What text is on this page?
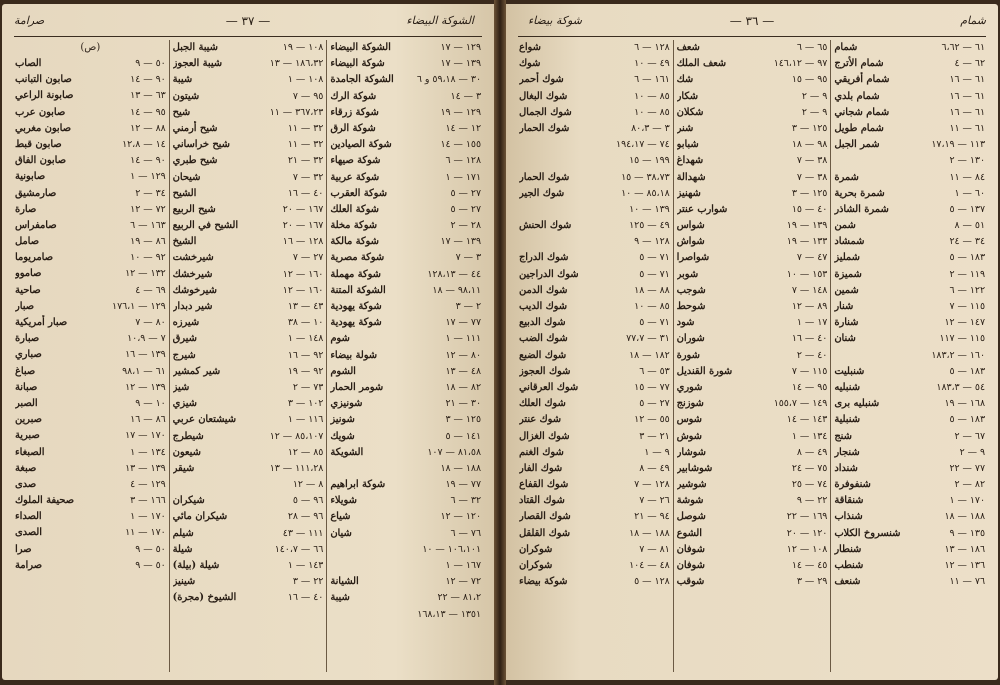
صرامة	— ٣٧ —	الشوكة البيضاء
الشوكة البيضاء	١٢٩ — ١٧
شوكة البيضاء	١٣٩ — ١٧
الشوكة الجامدة ٣٠ — ٥٩،١٨ و ٦
شوكة الرك	٣ — ١٤
شوكة زرقاء	١٢٩ — ١٩
شوكة الرق	١٢ — ١٤
شوكة الصيادين	١٥٥ — ١٤
شوكة صيهاء	١٢٨ — ٦
شوكة عربية	١٧١ — ١
شوكة العقرب	٢٧ — ٥
شوكة العلك	٢٧ — ٥
شوكة مخلة	٢٨ — ٢
شوكة مالكة	١٣٩ — ١٧
شوكة مصرية	٣ — ٧
شوكة مهملة	٤٤ — ١٢٨،١٣
الشوكة المتنة	٩٨،١١ — ١٨
شوكة يهودية	٢ — ٣
شوكة يهودية	٧٧ — ١٧
شوم	١١١ — ١
شولة بيضاء	٨٠ — ١٢
الشوم	٤٨ — ١٣
شومر الحمار	٨٢ — ١٨
شونيزي	٣٠ — ٢١
شونيز	١٢٥ — ٣
شويك	١٤١ — ٥
الشويكة	٨١،٥٨ — ١٠٧
١٨٨ — ١٨
شوكة ابراهيم	٧٧ — ١٩
شويلاء	٣٢ — ٦
شياع	١٢٠ — ١٢
شيان	٧٦ — ٦
١٠٦،١٠١ — ١٠
١٦٧ — ١
الشيانة	٧٢ — ١٢
شيبة	٨١،٢ — ٢٢
١٣٥١ — ١٦٨،١٣
شيبة الجبل	١٠٨ — ١٩
شيبة العجوز	١٨٦،٣٢ — ١٣
شيبة	١٠٨ — ١
شيتون	٩٥ — ٧
شيح	٣٦٧،٢٣ — ١١
شيح أرمني	٣٢ — ١١
شيح خراساني	٣٢ — ١١
شيح طبري	٣٢ — ٢١
شيحان	٣٢ — ٧
الشيح	٤٠ — ١٦
شيح الربيع	١٦٧ — ٢٠
الشيح في الربيع	١٦٧ — ٢٠
الشيخ	١٢٨ — ١٦
شيرخشت	٢٧ — ٧
شيرخشك	١٦٠ — ١٢
شيرخوشك	١٦٠ — ١٢
شير دبدار	٤٣ — ١٣
شيرزه	١٠ — ٣٨
شيرق	١٤٨ — ١
شيرج	٩٢ — ١٦
شير كمشير	٩٢ — ١٩
شيز	٧٣ — ٢
شيزي	١٠٢ — ٣
شيشتعان عربي	١١٦ — ١
شيطرج	٨٥،١٠٧ — ١٢
شيعون	٨٥ — ١٢
شيقر	١١١،٢٨ — ١٣
٨ — ١٢
شيكران	٩٦ — ٥
شيكران مائي	٩٦ — ٢٨
شيلم	١١١ — ٤٣
شيلة	٦٦ — ١٤٠،٧
شيلة (بيلة)	١٤٣ — ١
شينيز	٢٢ — ٣
الشيوخ (مجرة)	٤٠ — ١٦
(ص)
الصاب	٥٠ — ٩
صابون التبانب	٩٠ — ١٤
صابونة الراعي	٦٣ — ١٣
صابون عرب	٩٥ — ١٤
صابون مغربي	٨٨ — ١٢
صابون قبط	١٤ — ١٢،٨
صابون الفاق	٩٠ — ١٤
صابونية	١٢٩ — ١
صارمشيق	٣٤ — ٢
صارة	٧٢ — ١٢
صامفراس	١٦٣ — ٦
صامل	٨٦ — ١٩
صامريوما	٩٢ — ١٠
صاموو	١٣٢ — ١٢
صاحية	٦٩ — ٤
صبار	١٢٩ — ١٧٦،١
صبار أمريكية	٨٠ — ٧
صبارة	٧ — ١٠،٩
صباري	١٣٩ — ١٦
صباغ	٦١ — ٩٨،١
صبانة	١٣٩ — ١٢
الصبر	١٠ — ٩
صبرين	٨٦ — ١٦
صبرية	١٧٠ — ١٧
الصبغاء	١٣٤ — ١
صبغة	١٣٩ — ١٣
صدى	١٢٩ — ٤
صحيفة الملوك	١٦٦ — ٣
الصداء	١٧٠ — ١
الصدى	١٧٠ — ١١
صرا	٥٠ — ٩
صرامة	٥٠ — ٩
شوكة بيضاء	— ٣٦ —	شمام
شمام	٦١ — ٦،٦٢
شمام الأترج	٦٢ — ٤
شمام أفريقي	٦١ — ١٦
شمام بلدي	٦١ — ١٦
شمام شجاني	٦١ — ١٦
شمام طويل	٦١ — ١١
شمر الجبل	١١٣ — ١٧،١٩
١٣٠ — ٢
شمرة	٨٤ — ١١
شمرة بحرية	٦٠ — ١
شمرة الشاذر	١٣٧ — ٥
شمن	٥١ — ٨
شمشاد	٣٤ — ٢٤
شمليز	١٨٣ — ٥
شميزة	١١٩ — ٢
شمين	١٢٢ — ٦
شنار	١١٥ — ٧
شنارة	١٤٧ — ١٢
شنان	١١٥ — ١١٧
١٦٠ — ١٨٣،٢
شنبليت	١٨٣ — ٥
شنبليه	٥٤ — ١٨٣،٣
شنبليه برى	١٦٨ — ١٩
شنبلية	١٨٣ — ٥
شنج	٦٧ — ٢
شنجار	٩ — ٢
شنداد	٧٧ — ٢٢
شنفوفرة	٨٢ — ٢
شنقاقة	١٧٠ — ١
شنذاب	١٨٨ — ١٨
شنسروخ الكلاب	١٣٥ — ٩
شنطار	١٨٦ — ١٣
شنطب	١٣٦ — ١٢
شنعف	٧٦ — ١١
شعف	٦٥ — ٦
شعف الملك	٩٧ — ١٤٦،١٢
شك	٩٥ — ١٥
شكار	٩ — ٢
شكلان	٩ — ٢
شنر	١٢٥ — ٣
شبابو	٩٨ — ١٨
شهداغ	٣٨ — ٧
شهدالة	٣٨ — ٧
شهنيز	١٢٥ — ٣
شوارب عنتر	٤٠ — ١٥
شواس	١٣٩ — ١٩
شواش	١٣٣ — ١٩
شواصرا	٤٧ — ٧
شوبر	١٥٣ — ١٠
شوجب	١٤٨ — ٧
شوحط	٨٩ — ١٢
شود	١٧ — ١
شوران	٤٠ — ١٦
شورة	٤٠ — ٢
شورة القنديل	١١٥ — ٧
شوري	٩٥ — ١٤
شوزنج	١٤٩ — ١٥٥،٧
شوس	١٤٣ — ١٤
شوش	١٣٤ — ١
شوشار	٤٩ — ٨
شوشابير	٧٥ — ٢٤
شوشير	٧٤ — ٢٥
شوشة	٢٢ — ٩
شوصل	١٦٩ — ٢٢
الشوع	١٢٠ — ٢٠
شوفان	١٠٨ — ١٢
شوفان	٤٥ — ١٤
شوقب	٢٩ — ٣
شواع	١٢٨ — ٦
شوك	٤٩ — ١٠
شوك أحمر	١٦١ — ٦
شوك البغال	٨٥ — ١٠
شوك الجمال	٨٥ — ١٠
شوك الحمار	٣ — ٨٠،٣
٧٤ — ١٩٤،١٧
١٩٩ — ١٥
شوك الحمار	٣٨،٧٣ — ١٥
شوك الجير	٨٥،١٨ — ١٠
١٣٩ — ١٠
شوك الحنش	٤٩ — ١٢٥
١٢٨ — ٩
شوك الدراج	٧١ — ٥
شوك الدراجين	٧١ — ٥
شوك الدمن	٨٨ — ١٨
شوك الديب	٨٥ — ١٠
شوك الدبيع	٧١ — ٥
شوك الضب	٣١ — ٧٧،٧
شوك الضبع	١٨٢ — ١٨
شوك العجوز	٥٣ — ٦
شوك العرقاني	٧٧ — ١٥
شوك العلك	٢٧ — ٥
شوك عنتر	٥٥ — ١٢
شوك الغزال	٢١ — ٣
شوك الغنم	٩ — ١
شوك الفار	٤٩ — ٨
شوك القفاع	١٢٨ — ٧
شوك القتاد	٢٦ — ٧
شوك القصار	٩٤ — ٢١
شوك القلقل	١٨٨ — ١٨
شوكران	٨١ — ٧
شوكران	٤٨ — ١٠٤
شوكة بيضاء	١٢٨ — ٥
